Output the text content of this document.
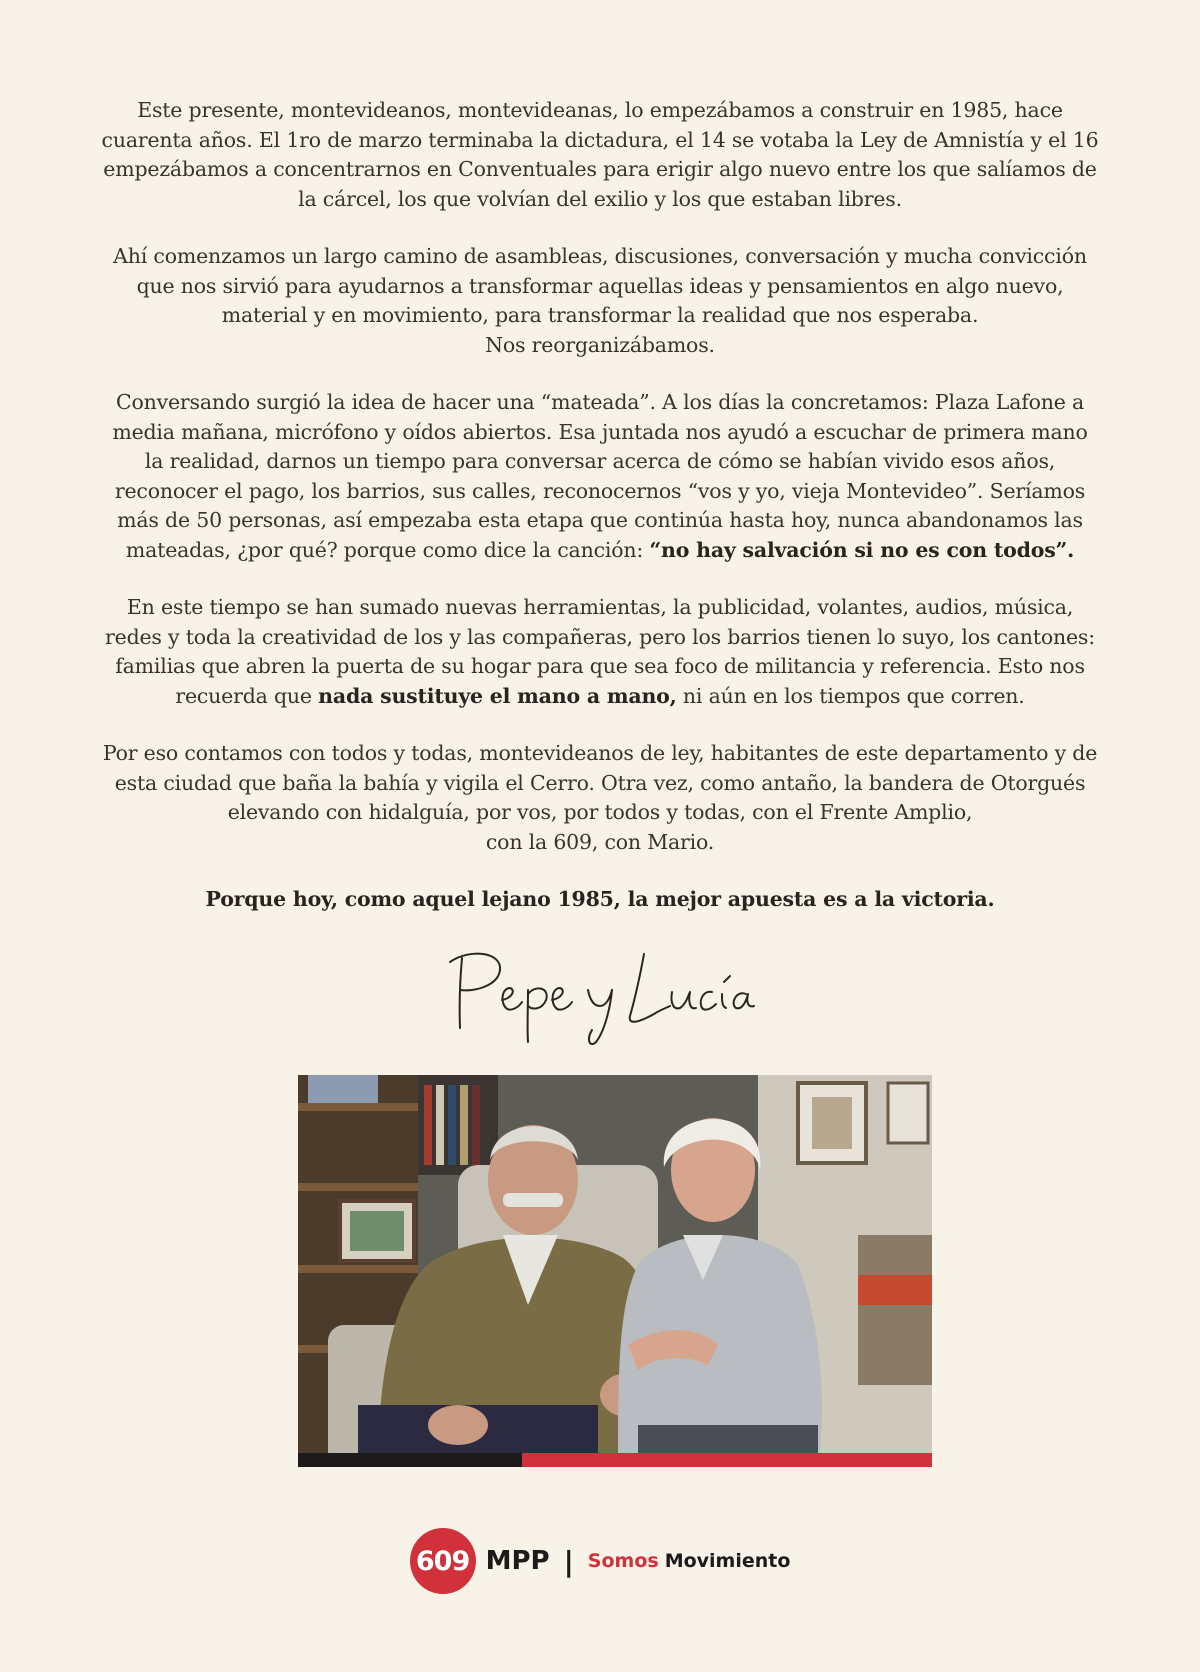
Este presente, montevideanos, montevideanas, lo empezábamos a construir en 1985, hace cuarenta años. El 1ro de marzo terminaba la dictadura, el 14 se votaba la Ley de Amnistía y el 16 empezábamos a concentrarnos en Conventuales para erigir algo nuevo entre los que salíamos de la cárcel, los que volvían del exilio y los que estaban libres.

Ahí comenzamos un largo camino de asambleas, discusiones, conversación y mucha convicción que nos sirvió para ayudarnos a transformar aquellas ideas y pensamientos en algo nuevo, material y en movimiento, para transformar la realidad que nos esperaba.
Nos reorganizábamos.

Conversando surgió la idea de hacer una “mateada”. A los días la concretamos: Plaza Lafone a media mañana, micrófono y oídos abiertos. Esa juntada nos ayudó a escuchar de primera mano la realidad, darnos un tiempo para conversar acerca de cómo se habían vivido esos años, reconocer el pago, los barrios, sus calles, reconocernos “vos y yo, vieja Montevideo”. Seríamos más de 50 personas, así empezaba esta etapa que continúa hasta hoy, nunca abandonamos las mateadas, ¿por qué? porque como dice la canción: “no hay salvación si no es con todos”.

En este tiempo se han sumado nuevas herramientas, la publicidad, volantes, audios, música, redes y toda la creatividad de los y las compañeras, pero los barrios tienen lo suyo, los cantones: familias que abren la puerta de su hogar para que sea foco de militancia y referencia. Esto nos recuerda que nada sustituye el mano a mano, ni aún en los tiempos que corren.

Por eso contamos con todos y todas, montevideanos de ley, habitantes de este departamento y de esta ciudad que baña la bahía y vigila el Cerro. Otra vez, como antaño, la bandera de Otorgués elevando con hidalguía, por vos, por todos y todas, con el Frente Amplio,
con la 609, con Mario.

Porque hoy, como aquel lejano 1985, la mejor apuesta es a la victoria.

609 MPP | Somos Movimiento
